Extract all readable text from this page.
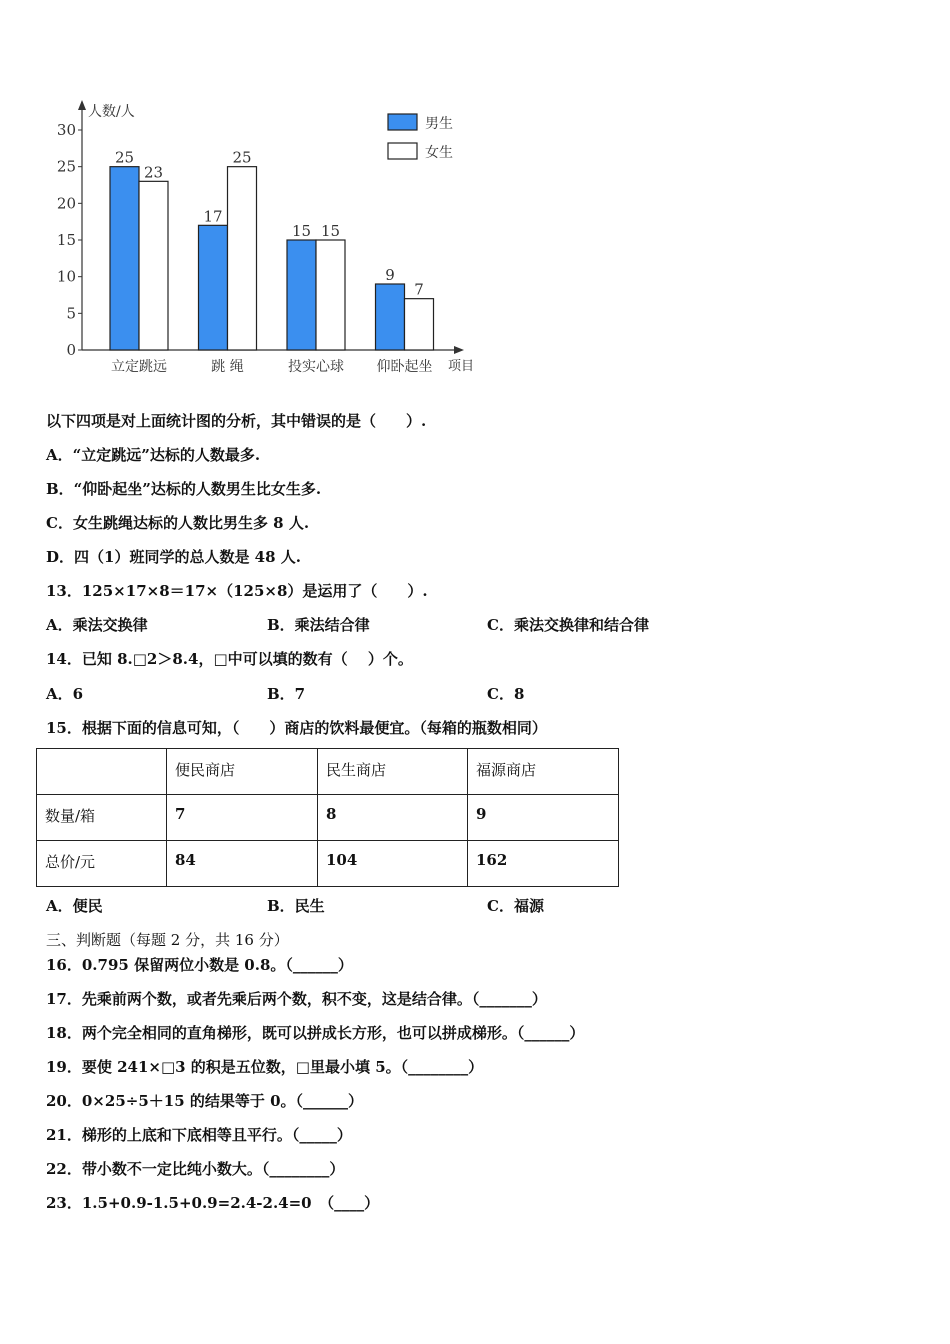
人数/人
项目
0
5
10
15
20
25
30
立定跳远	跳 绳	投实心球 仰卧起坐
25
23
17
25
15 15
9
7
男生
女生
以下四项是对上面统计图的分析，其中错误的是（　　）.
A．“立定跳远”达标的人数最多.
B．“仰卧起坐”达标的人数男生比女生多.
C．女生跳绳达标的人数比男生多 8 人.
D．四（1）班同学的总人数是 48 人.
13．125×17×8＝17×（125×8）是运用了（　　）.
A．乘法交换律	B．乘法结合律	C．乘法交换律和结合律
14．已知 8.□2＞8.4，□中可以填的数有（　 ）个。
A．6	B．7	C．8
15．根据下面的信息可知，（　　）商店的饮料最便宜。（每箱的瓶数相同）
	便民商店	民生商店	福源商店
数量/箱	7	8	9
总价/元	84	104	162
A．便民	B．民生	C．福源
三、判断题（每题 2 分，共 16 分）
16．0.795 保留两位小数是 0.8。（______）
17．先乘前两个数，或者先乘后两个数，积不变，这是结合律。（_______）
18．两个完全相同的直角梯形，既可以拼成长方形，也可以拼成梯形。（______）
19．要使 241×□3 的积是五位数，□里最小填 5。（________）
20．0×25÷5＋15 的结果等于 0。（______）
21．梯形的上底和下底相等且平行。（_____）
22．带小数不一定比纯小数大。（________）
23．1.5+0.9-1.5+0.9=2.4-2.4=0　（____）
